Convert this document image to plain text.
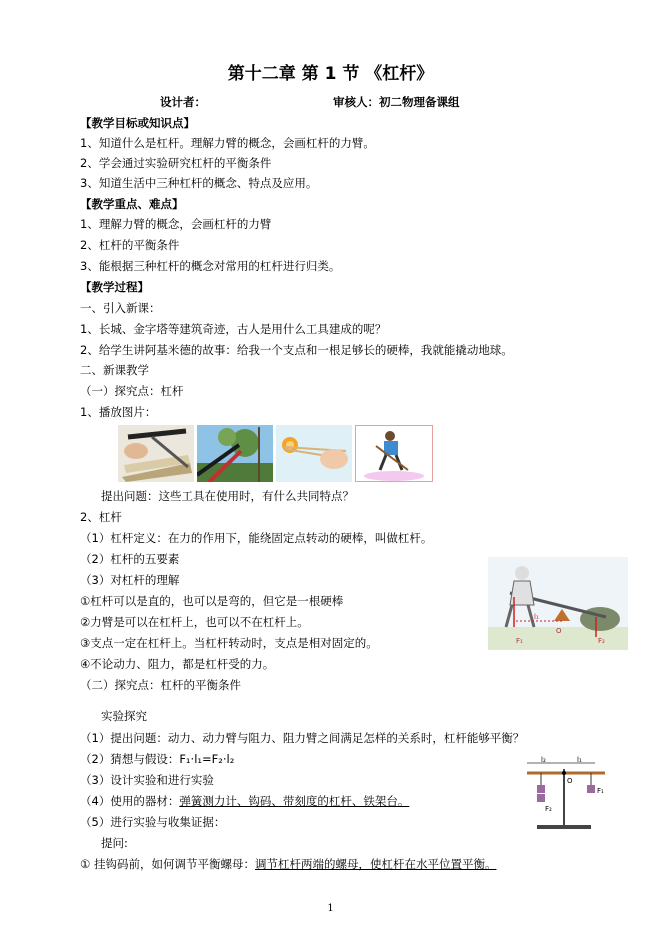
第十二章 第 1 节 《杠杆》
设计者：	审核人：初二物理备课组
【教学目标或知识点】
1、知道什么是杠杆。理解力臂的概念，会画杠杆的力臂。
2、学会通过实验研究杠杆的平衡条件
3、知道生活中三种杠杆的概念、特点及应用。
【教学重点、难点】
1、理解力臂的概念，会画杠杆的力臂
2、杠杆的平衡条件
3、能根据三种杠杆的概念对常用的杠杆进行归类。
【教学过程】
一、引入新课：
1、长城、金字塔等建筑奇迹，古人是用什么工具建成的呢？
2、给学生讲阿基米德的故事：给我一个支点和一根足够长的硬棒，我就能撬动地球。
二、新课教学
（一）探究点：杠杆
1、播放图片：
提出问题：这些工具在使用时，有什么共同特点？
2、杠杆
（1）杠杆定义：在力的作用下，能绕固定点转动的硬棒，叫做杠杆。
（2）杠杆的五要素
（3）对杠杆的理解
①杠杆可以是直的，也可以是弯的，但它是一根硬棒
②力臂是可以在杠杆上，也可以不在杠杆上。
③支点一定在杠杆上。当杠杆转动时，支点是相对固定的。
④不论动力、阻力，都是杠杆受的力。
（二）探究点：杠杆的平衡条件
O
F₁	F₂
l₁
实验探究
（1）提出问题：动力、动力臂与阻力、阻力臂之间满足怎样的关系时，杠杆能够平衡？
（2）猜想与假设：F₁·l₁=F₂·l₂
（3）设计实验和进行实验
（4）使用的器材：弹簧测力计、钩码、带刻度的杠杆、铁架台。
（5）进行实验与收集证据：
提问:
① 挂钩码前，如何调节平衡螺母：调节杠杆两端的螺母，使杠杆在水平位置平衡。
l₂	l₁
O
F₁
F₂
1
